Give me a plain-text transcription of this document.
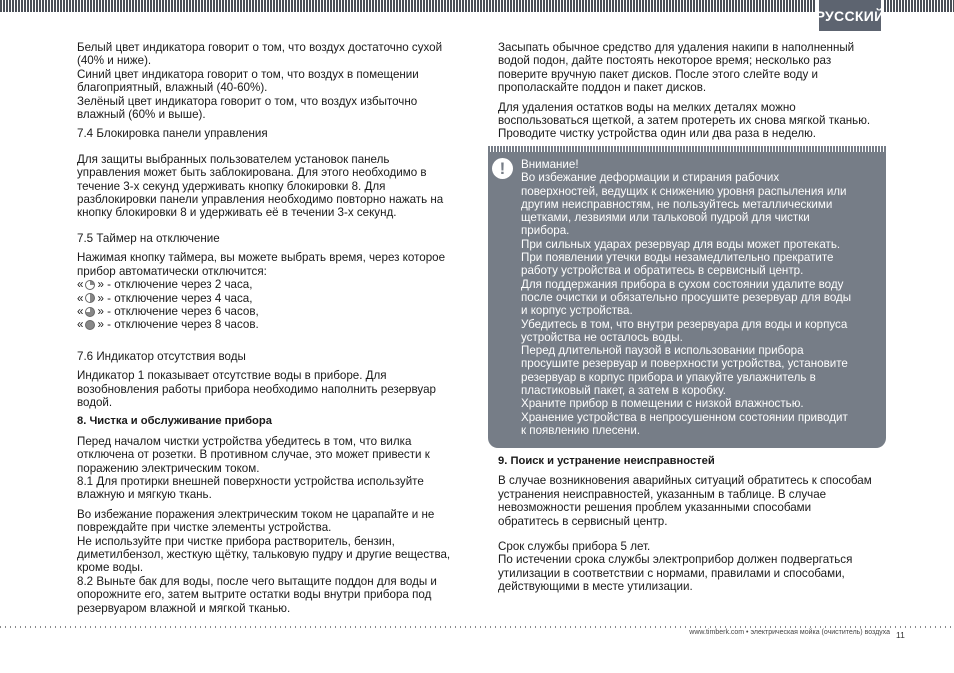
РУССКИЙ

Белый цвет индикатора говорит о том, что воздух достаточно сухой
(40% и ниже).

Синий цвет индикатора говорит о том, что воздух в помещении
благоприятный, влажный (40-60%).

Зелёный цвет индикатора говорит о том, что воздух избыточно
влажный (60% и выше).

7.4 Блокировка панели управления

Для защиты выбранных пользователем установок панель
управления может быть заблокирована. Для этого необходимо в
течение 3-х секунд удерживать кнопку блокировки 8. Для
разблокировки панели управления необходимо повторно нажать на
кнопку блокировки 8 и удерживать её в течении 3-х секунд.

7.5 Таймер на отключение

Нажимая кнопку таймера, вы можете выбрать время, через которое
прибор автоматически отключится:

« » - отключение через 2 часа,
« » - отключение через 4 часа,
« » - отключение через 6 часов,
« » - отключение через 8 часов.

7.6 Индикатор отсутствия воды

Индикатор 1 показывает отсутствие воды в приборе. Для
возобновления работы прибора необходимо наполнить резервуар
водой.

8. Чистка и обслуживание прибора

Перед началом чистки устройства убедитесь в том, что вилка
отключена от розетки. В противном случае, это может привести к
поражению электрическим током.

8.1 Для протирки внешней поверхности устройства используйте
влажную и мягкую ткань.

Во избежание поражения электрическим током не царапайте и не
повреждайте при чистке элементы устройства.

Не используйте при чистке прибора растворитель, бензин,
диметилбензол, жесткую щётку, тальковую пудру и другие вещества,
кроме воды.

8.2 Выньте бак для воды, после чего вытащите поддон для воды и
опорожните его, затем вытрите остатки воды внутри прибора под
резервуаром влажной и мягкой тканью.

Засыпать обычное средство для удаления накипи в наполненный
водой подон, дайте постоять некоторое время; несколько раз
поверите вручную пакет дисков. После этого слейте воду и
прополаскайте поддон и пакет дисков.

Для удаления остатков воды на мелких деталях можно
воспользоваться щеткой, а затем протереть их снова мягкой тканью.
Проводите чистку устройства один или два раза в неделю.

!	Внимание!
Во избежание деформации и стирания рабочих
поверхностей, ведущих к снижению уровня распыления или
другим неисправностям, не пользуйтесь металлическими
щетками, лезвиями или тальковой пудрой для чистки
прибора.
При сильных ударах резервуар для воды может протекать.
При появлении утечки воды незамедлительно прекратите
работу устройства и обратитесь в сервисный центр.
Для поддержания прибора в сухом состоянии удалите воду
после очистки и обязательно просушите резервуар для воды
и корпус устройства.
Убедитесь в том, что внутри резервуара для воды и корпуса
устройства не осталось воды.
Перед длительной паузой в использовании прибора
просушите резервуар и поверхности устройства, установите
резервуар в корпус прибора и упакуйте увлажнитель в
пластиковый пакет, а затем в коробку.
Храните прибор в помещении с низкой влажностью.
Хранение устройства в непросушенном состоянии приводит
к появлению плесени.

9. Поиск и устранение неисправностей

В случае возникновения аварийных ситуаций обратитесь к способам
устранения неисправностей, указанным в таблице. В случае
невозможности решения проблем указанными способами
обратитесь в сервисный центр.

Срок службы прибора 5 лет.

По истечении срока службы электроприбор должен подвергаться
утилизации в соответствии с нормами, правилами и способами,
действующими в месте утилизации.

www.timberk.com • электрическая мойка (очиститель) воздуха 11
